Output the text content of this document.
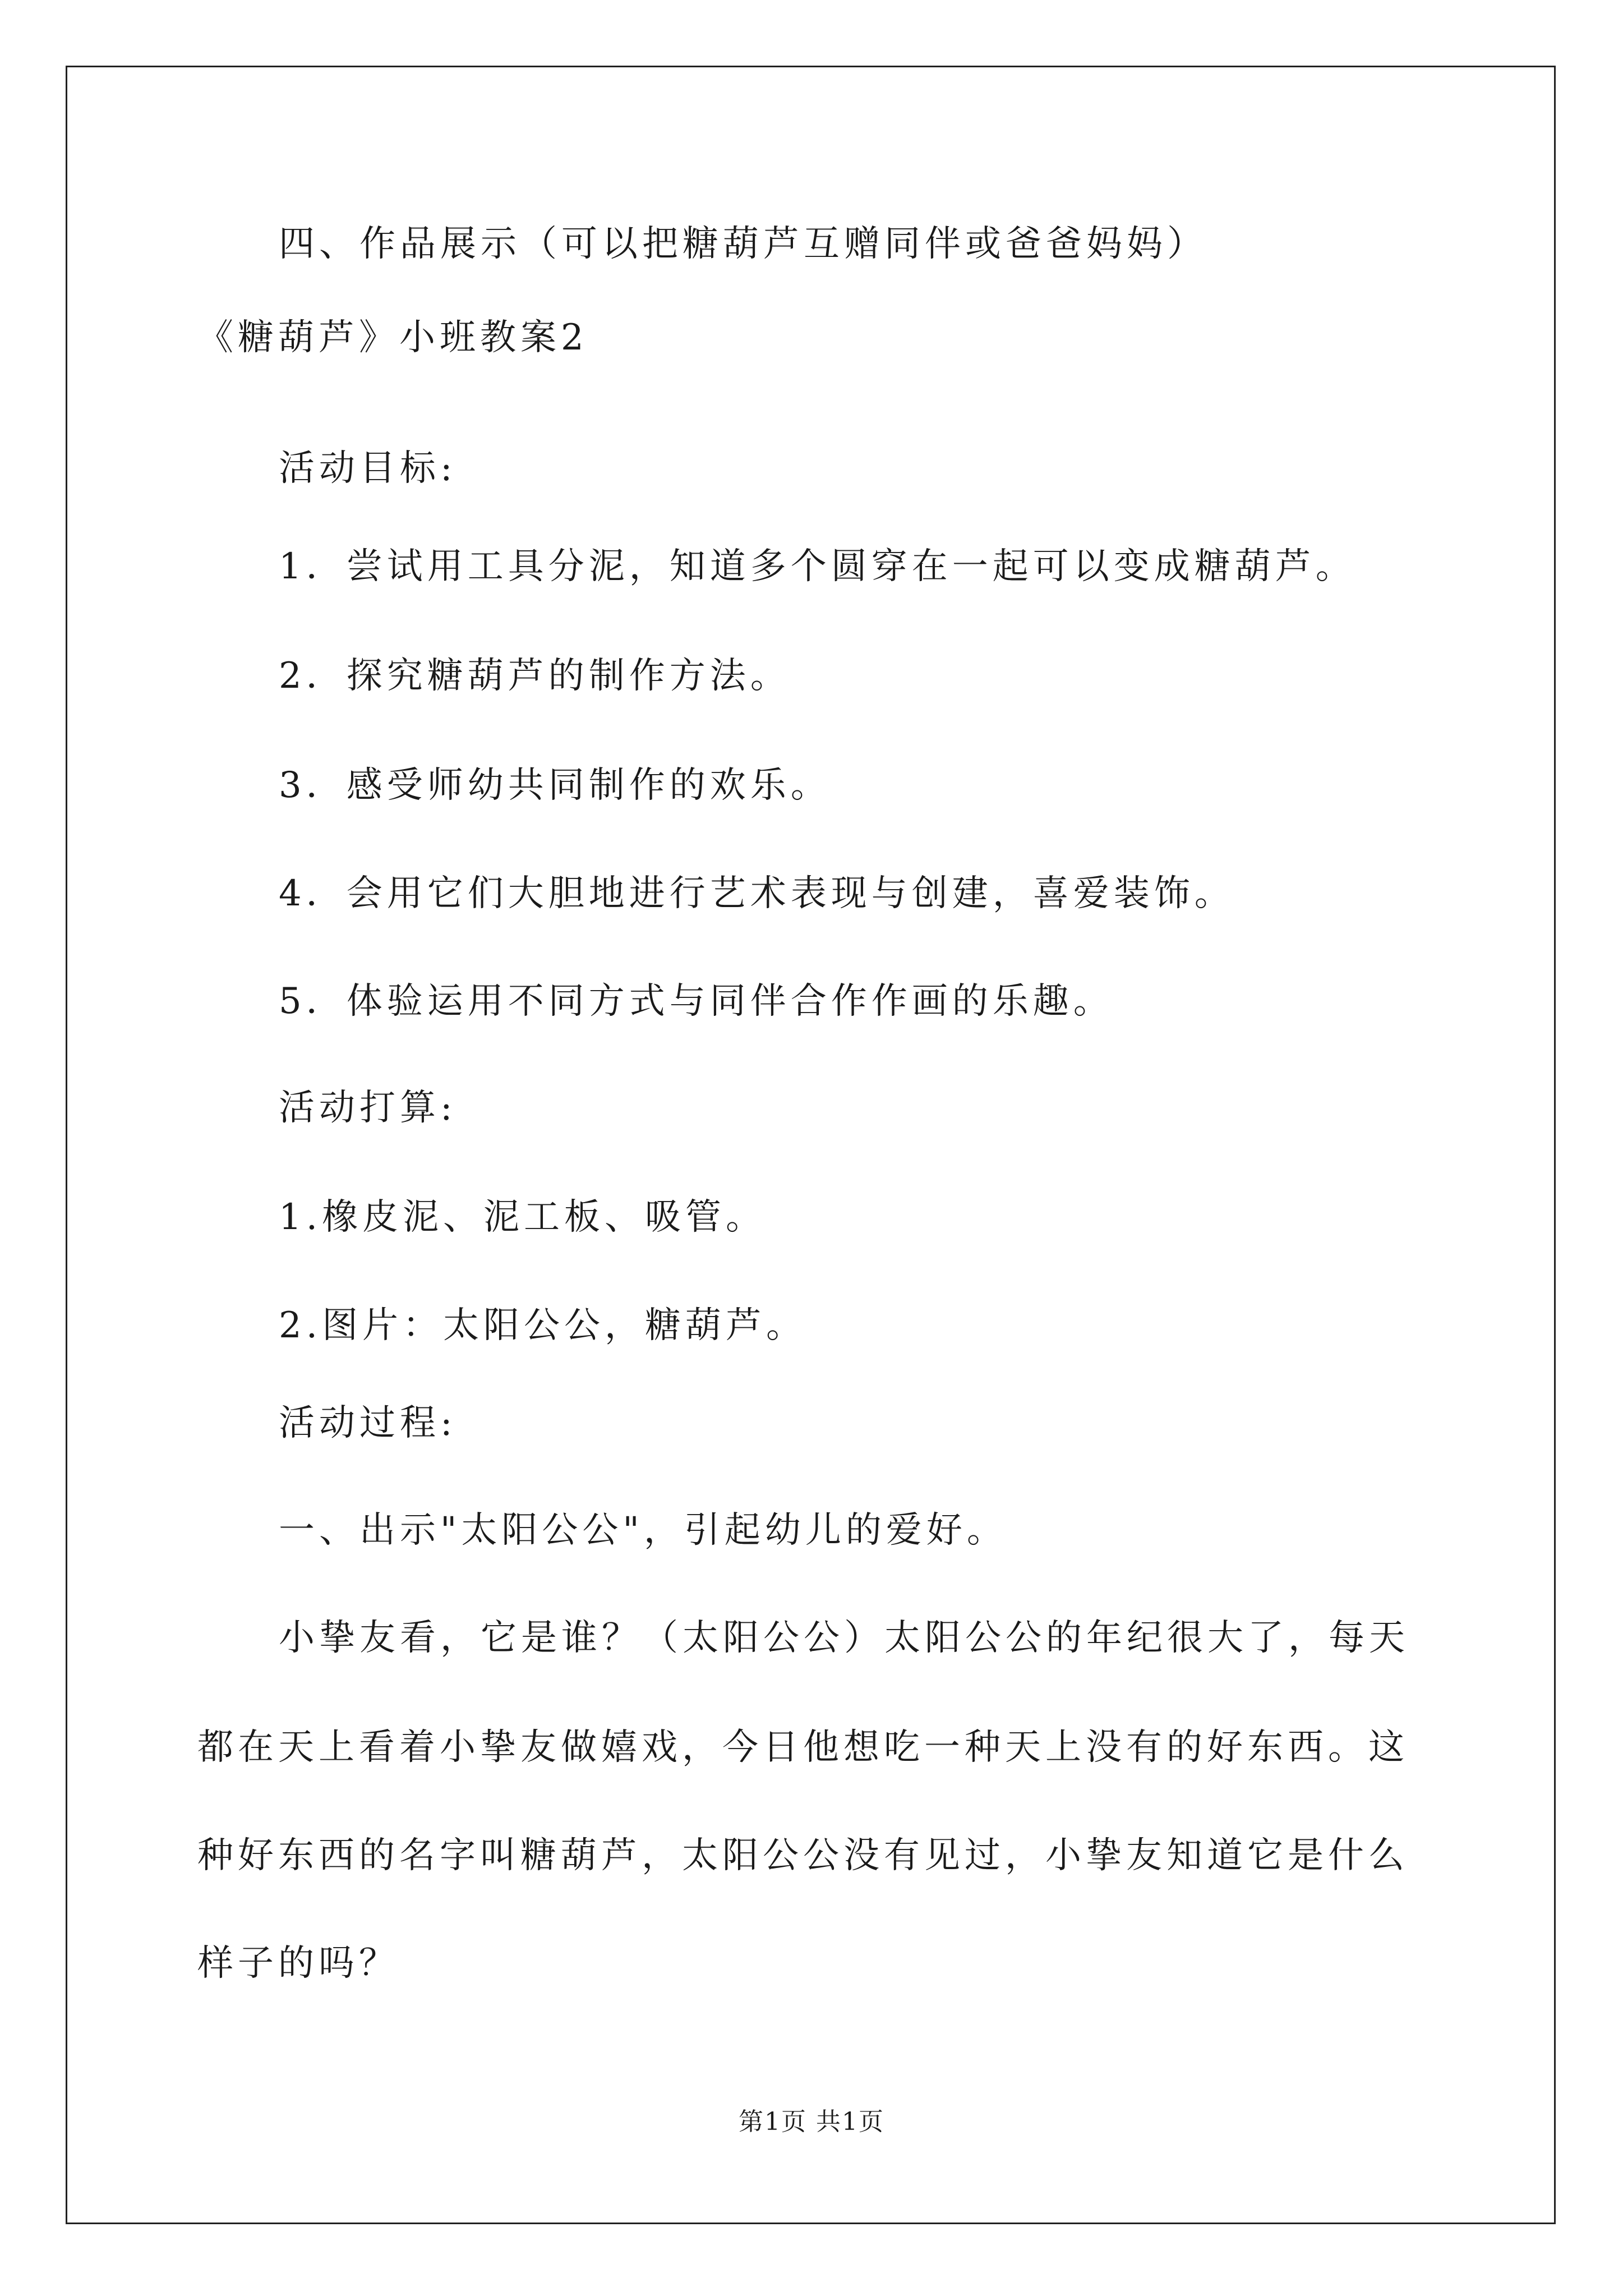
四、作品展示（可以把糖葫芦互赠同伴或爸爸妈妈）
《糖葫芦》小班教案2
活动目标:
1．尝试用工具分泥，知道多个圆穿在一起可以变成糖葫芦。
2．探究糖葫芦的制作方法。
3．感受师幼共同制作的欢乐。
4．会用它们大胆地进行艺术表现与创建，喜爱装饰。
5．体验运用不同方式与同伴合作作画的乐趣。
活动打算:
1.橡皮泥、泥工板、吸管。
2.图片：太阳公公，糖葫芦。
活动过程:
一、出示"太阳公公"，引起幼儿的爱好。
小挚友看，它是谁？（太阳公公）太阳公公的年纪很大了，每天
都在天上看着小挚友做嬉戏，今日他想吃一种天上没有的好东西。这
种好东西的名字叫糖葫芦，太阳公公没有见过，小挚友知道它是什么
样子的吗？
第1页 共1页
